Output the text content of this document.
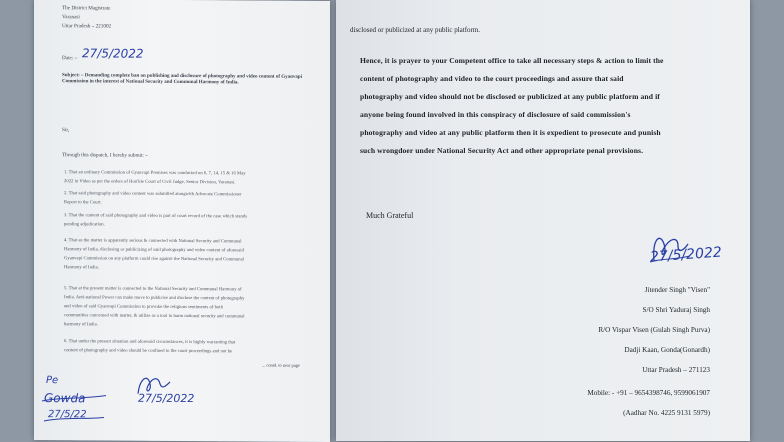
The District Magistrate
Varanasi
Uttar Pradesh – 221002
Date: – 27/5/2022
Subject: – Demanding complete ban on publishing and disclosure of photography and video content of Gyanvapi Commission in the interest of National Security and Communal Harmony of India.
Sir,
Through this dispatch, I hereby submit: –
1. That an ordinary Commission of Gyanvapi Premises was conducted on 6, 7, 14, 15 & 16 May
2022 in Video as per the orders of Hon'ble Court of Civil Judge, Senior Division, Varanasi.
2. That said photography and video content was submitted alongwith Advocate Commissioner
Report to the Court.
3. That the content of said photography and video is part of court record of the case which stands
pending adjudication.
4. That as the matter is apparently serious & connected with National Security and Communal
Harmony of India, disclosing or publicizing of said photography and video content of aforesaid
Gyanvapi Commission on any platform could rise against the National Security and Communal
Harmony of India.
5. That at the present matter is connected to the National Security and Communal Harmony of
India. Anti-national Power can make move to publicise and disclose the content of photography
and video of said Gyanvapi Commission to provoke the religious sentiments of both
communities concerned with matter, & utilize as a tool to harm national security and communal
harmony of India.
6. That under the present situation and aforesaid circumstances, it is highly warranting that
content of photography and video should be confined to the court proceedings and not be
... contd. to next page
Pe
Gowda
27/5/22
27/5/2022
disclosed or publicized at any public platform.
Hence, it is prayer to your Competent office to take all necessary steps & action to limit the
content of photography and video to the court proceedings and assure that said
photography and video should not be disclosed or publicized at any public platform and if
anyone being found involved in this conspiracy of disclosure of said commission's
photography and video at any public platform then it is expedient to prosecute and punish
such wrongdoer under National Security Act and other appropriate penal provisions.
Much Grateful
27/5/2022
Jitender Singh "Visen"
S/O Shri Yaduraj Singh
R/O Vispar Visen (Gulab Singh Purva)
Dadji Kaan, Gonda(Gonardh)
Uttar Pradesh – 271123
Mobile: - +91 – 9654398746, 9599061907
(Aadhar No. 4225 9131 5979)
